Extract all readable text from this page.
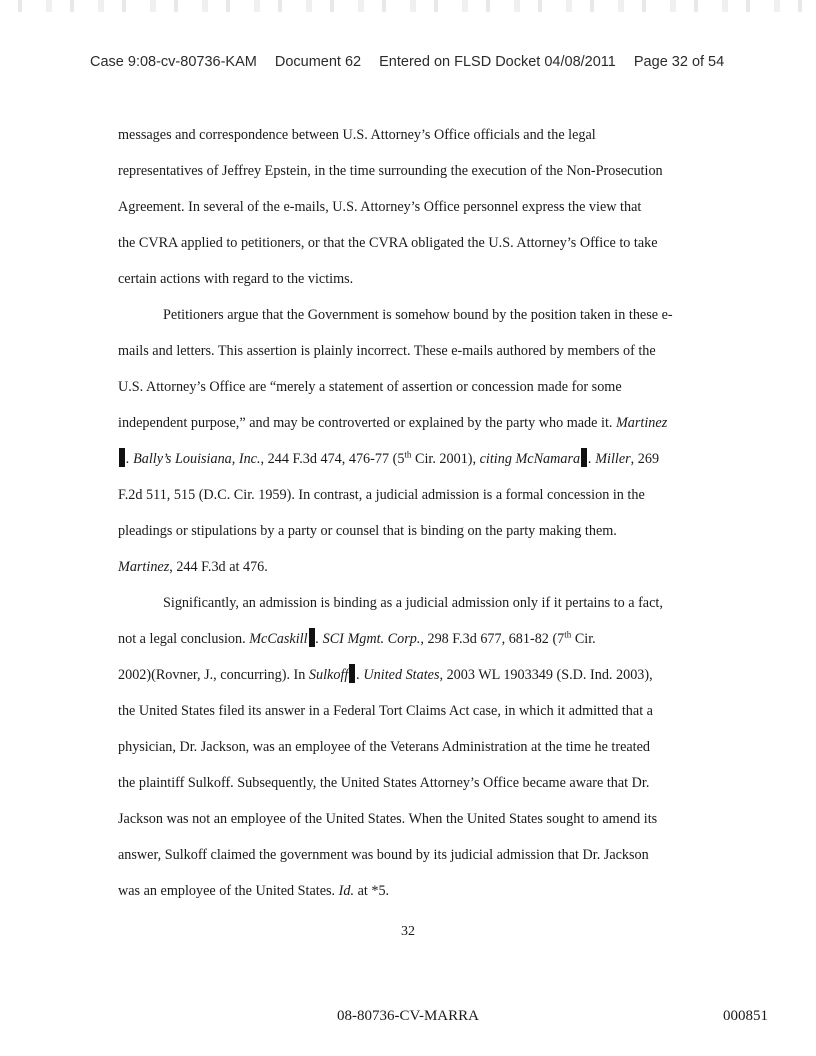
Case 9:08-cv-80736-KAM Document 62 Entered on FLSD Docket 04/08/2011 Page 32 of 54
messages and correspondence between U.S. Attorney’s Office officials and the legal
representatives of Jeffrey Epstein, in the time surrounding the execution of the Non-Prosecution
Agreement. In several of the e-mails, U.S. Attorney’s Office personnel express the view that
the CVRA applied to petitioners, or that the CVRA obligated the U.S. Attorney’s Office to take
certain actions with regard to the victims.
Petitioners argue that the Government is somehow bound by the position taken in these e-
mails and letters. This assertion is plainly incorrect. These e-mails authored by members of the
U.S. Attorney’s Office are “merely a statement of assertion or concession made for some
independent purpose,” and may be controverted or explained by the party who made it. Martinez
. Bally’s Louisiana, Inc., 244 F.3d 474, 476-77 (5th Cir. 2001), citing McNamara . Miller, 269
F.2d 511, 515 (D.C. Cir. 1959). In contrast, a judicial admission is a formal concession in the
pleadings or stipulations by a party or counsel that is binding on the party making them.
Martinez, 244 F.3d at 476.
Significantly, an admission is binding as a judicial admission only if it pertains to a fact,
not a legal conclusion. McCaskill . SCI Mgmt. Corp., 298 F.3d 677, 681-82 (7th Cir.
2002)(Rovner, J., concurring). In Sulkoff . United States, 2003 WL 1903349 (S.D. Ind. 2003),
the United States filed its answer in a Federal Tort Claims Act case, in which it admitted that a
physician, Dr. Jackson, was an employee of the Veterans Administration at the time he treated
the plaintiff Sulkoff. Subsequently, the United States Attorney’s Office became aware that Dr.
Jackson was not an employee of the United States. When the United States sought to amend its
answer, Sulkoff claimed the government was bound by its judicial admission that Dr. Jackson
was an employee of the United States. Id. at *5.
32
08-80736-CV-MARRA	000851
